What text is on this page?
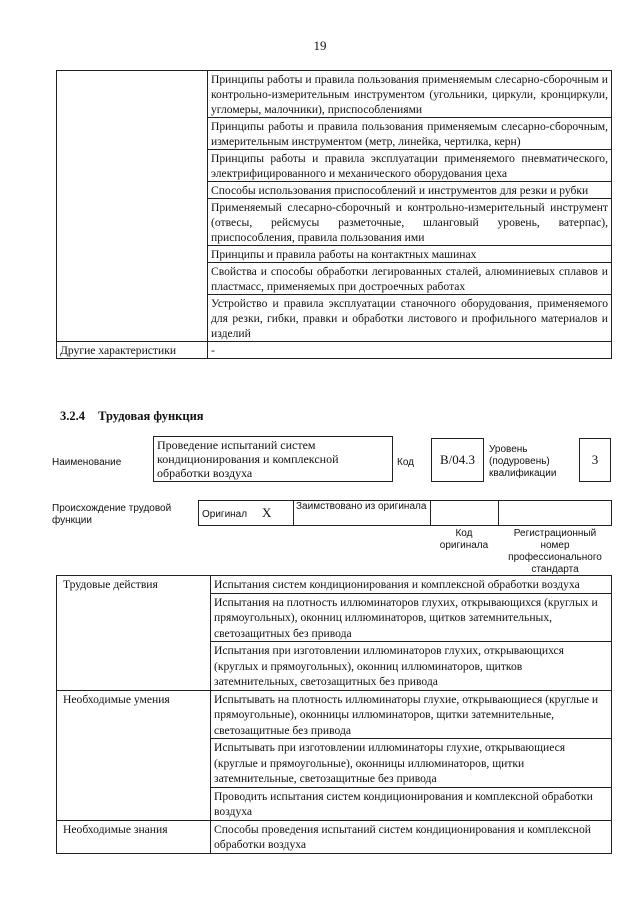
19
	Принципы работы и правила пользования применяемым слесарно-сборочным и контрольно-измерительным инструментом (угольники, циркули, кронциркули, угломеры, малочники), приспособлениями
	Принципы работы и правила пользования применяемым слесарно-сборочным, измерительным инструментом (метр, линейка, чертилка, керн)
	Принципы работы и правила эксплуатации применяемого пневматического, электрифицированного и механического оборудования цеха
	Способы использования приспособлений и инструментов для резки и рубки
	Применяемый слесарно-сборочный и контрольно-измерительный инструмент (отвесы, рейсмусы разметочные, шланговый уровень, ватерпас), приспособления, правила пользования ими
	Принципы и правила работы на контактных машинах
	Свойства и способы обработки легированных сталей, алюминиевых сплавов и пластмасс, применяемых при достроечных работах
	Устройство и правила эксплуатации станочного оборудования, применяемого для резки, гибки, правки и обработки листового и профильного материалов и изделий
Другие характеристики	-
3.2.4 Трудовая функция
Наименование
Проведение испытаний систем кондиционирования и комплексной обработки воздуха
Код	В/04.3
Уровень (подуровень) квалификации
3
Происхождение трудовой функции
Оригинал X Заимствовано из оригинала
Код оригинала
Регистрационный номер профессионального стандарта
Трудовые действия	Испытания систем кондиционирования и комплексной обработки воздуха
	Испытания на плотность иллюминаторов глухих, открывающихся (круглых и прямоугольных), оконниц иллюминаторов, щитков затемнительных, светозащитных без привода
	Испытания при изготовлении иллюминаторов глухих, открывающихся (круглых и прямоугольных), оконниц иллюминаторов, щитков затемнительных, светозащитных без привода
Необходимые умения	Испытывать на плотность иллюминаторы глухие, открывающиеся (круглые и прямоугольные), оконницы иллюминаторов, щитки затемнительные, светозащитные без привода
	Испытывать при изготовлении иллюминаторы глухие, открывающиеся (круглые и прямоугольные), оконницы иллюминаторов, щитки затемнительные, светозащитные без привода
	Проводить испытания систем кондиционирования и комплексной обработки воздуха
Необходимые знания	Способы проведения испытаний систем кондиционирования и комплексной обработки воздуха
